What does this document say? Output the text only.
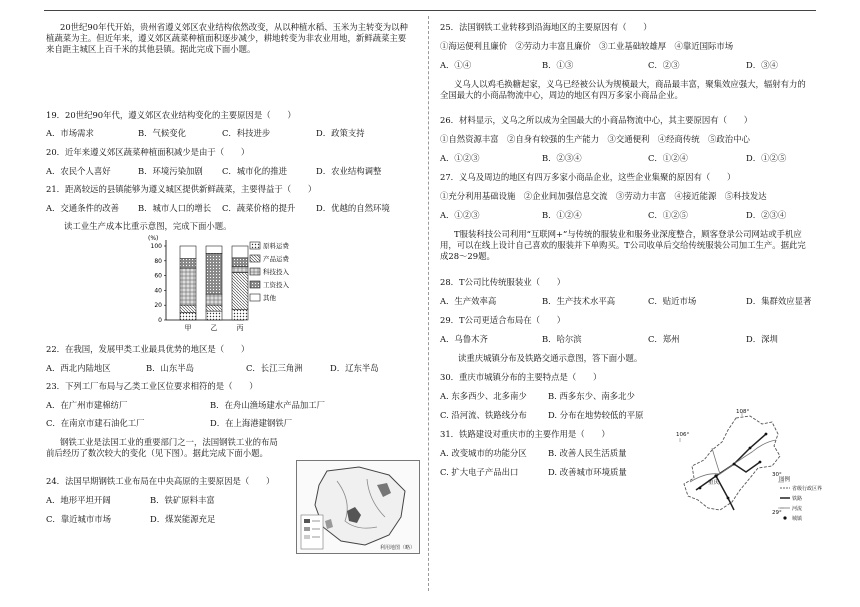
20世纪90年代开始，贵州省遵义郊区农业结构依然改变，从以种植水稻、玉米为主转变为以种植蔬菜为主。但近年来，遵义郊区蔬菜种植面积逐步减少，耕地转变为非农业用地，新鲜蔬菜主要来自距主城区上百千米的其他县镇。据此完成下面小题。
19．20世纪90年代，遵义郊区农业结构变化的主要原因是（　　）
A．市场需求	B．气候变化	C．科技进步	D．政策支持
20．近年来遵义郊区蔬菜种植面积减少是由于（　　）
A．农民个人喜好	B．环境污染加剧 C．城市化的推进	D．农业结构调整
21．距离较远的县镇能够为遵义城区提供新鲜蔬菜，主要得益于（　　）
A．交通条件的改善 B．城市人口的增长 C．蔬菜价格的提升 D．优越的自然环境
读工业生产成本比重示意图，完成下面小题。
(%)
0
20
40
60
80
100
甲	乙	丙
原料运费
产品运费
科技投入
工资投入
其他
22．在我国，发展甲类工业最具优势的地区是（　　）
A．西北内陆地区	B．山东半岛	C．长江三角洲	D．辽东半岛
23．下列工厂布局与乙类工业区位要求相符的是（　　）
A．在广州市建棉纺厂	B．在舟山渔场建水产品加工厂
C．在南京市建石油化工厂	D．在上海港建钢铁厂
钢铁工业是法国工业的重要部门之一，法国钢铁工业的布局前后经历了数次较大的变化（见下图）。据此完成下面小题。
24．法国早期钢铁工业布局在中央高原的主要原因是（　　）
A．地形平坦开阔	B．铁矿原料丰富
C．靠近城市市场	D．煤炭能源充足
利用地图（略）
25．法国钢铁工业转移到沿海地区的主要原因有（　　）
①海运便利且廉价　②劳动力丰富且廉价　③工业基础较雄厚　④靠近国际市场
A．①④	B．①③	C．②③	D．③④
义乌人以鸡毛换糖起家，义乌已经被公认为规模最大，商品最丰富，聚集效应强大，辐射有力的全国最大的小商品物流中心，周边的地区有四万多家小商品企业。
26．材料显示，义乌之所以成为全国最大的小商品物流中心，其主要原因有（　　）
①自然资源丰富　②自身有较强的生产能力　③交通便利　④经商传统　⑤政治中心
A．①②③	B．②③④	C．①②④	D．①②⑤
27．义乌及周边的地区有四万多家小商品企业，这些企业集聚的原因有（　　）
①充分利用基础设施　②企业间加强信息交流　③劳动力丰富　④接近能源　⑤科技发达
A．①②③	B．①②④	C．①②⑤	D．②③④
T服装科技公司利用“互联网+”与传统的服装业和服务业深度整合，顾客登录公司网站或手机应用，可以在线上设计自己喜欢的服装并下单购买。T公司收单后交给传统服装公司加工生产。据此完成28～29题。
28．T公司比传统服装业（　　）
A．生产效率高	B．生产技术水平高	C．贴近市场	D．集群效应显著
29．T公司更适合布局在（　　）
A．乌鲁木齐	B．哈尔滨	C．郑州	D．深圳
读重庆城镇分布及铁路交通示意图，答下面小题。
30．重庆市城镇分布的主要特点是（　　）
A. 东多西少、北多南少	B. 西多东少、南多北少
C. 沿河流、铁路线分布	D. 分布在地势较低的平原
31．铁路建设对重庆市的主要作用是（　　）
A. 改变城市的功能分区	B. 改善人民生活质量
C. 扩大电子产品出口	D. 改善城市环境质量
108°
106°
30°
29°
重庆	图例
省级行政区界
铁路
河流
城镇
